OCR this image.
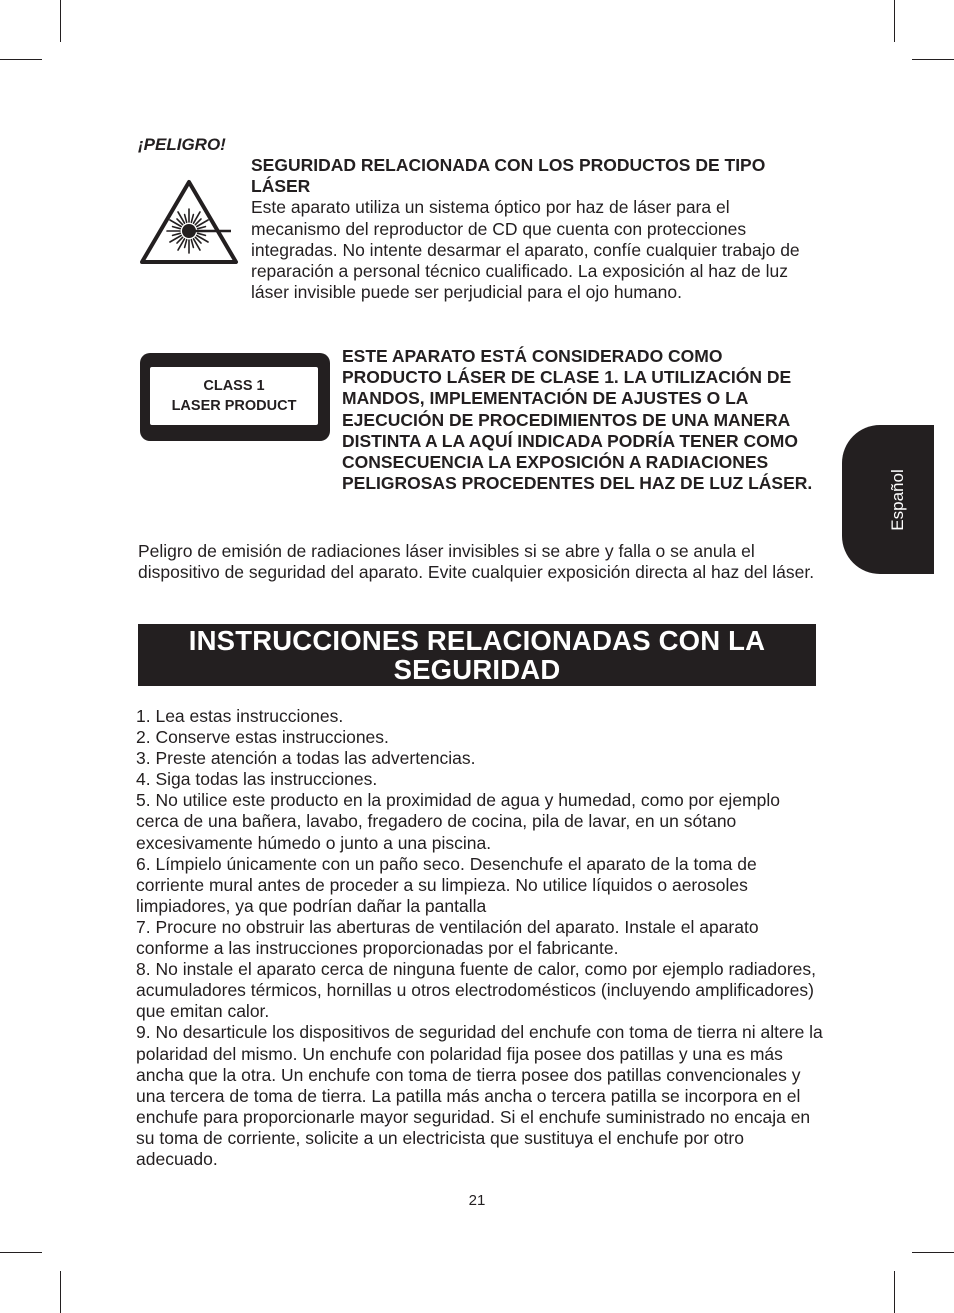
¡PELIGRO!

SEGURIDAD RELACIONADA CON LOS PRODUCTOS DE TIPO LÁSER

Este aparato utiliza un sistema óptico por haz de láser para el mecanismo del reproductor de CD que cuenta con protecciones integradas. No intente desarmar el aparato, confíe cualquier trabajo de reparación a personal técnico cualificado. La exposición al haz de luz láser invisible puede ser perjudicial para el ojo humano.

CLASS 1
LASER PRODUCT

ESTE APARATO ESTÁ CONSIDERADO COMO PRODUCTO LÁSER DE CLASE 1. LA UTILIZACIÓN DE MANDOS, IMPLEMENTACIÓN DE AJUSTES O LA EJECUCIÓN DE PROCEDIMIENTOS DE UNA MANERA DISTINTA A LA AQUÍ INDICADA PODRÍA TENER COMO CONSECUENCIA LA EXPOSICIÓN A RADIACIONES PELIGROSAS PROCEDENTES DEL HAZ DE LUZ LÁSER.

Peligro de emisión de radiaciones láser invisibles si se abre y falla o se anula el dispositivo de seguridad del aparato. Evite cualquier exposición directa al haz del láser.

INSTRUCCIONES RELACIONADAS CON LA SEGURIDAD
1. Lea estas instrucciones.
2. Conserve estas instrucciones.
3. Preste atención a todas las advertencias.
4. Siga todas las instrucciones.
5. No utilice este producto en la proximidad de agua y humedad, como por ejemplo cerca de una bañera, lavabo, fregadero de cocina, pila de lavar, en un sótano excesivamente húmedo o junto a una piscina.
6. Límpielo únicamente con un paño seco. Desenchufe el aparato de la toma de corriente mural antes de proceder a su limpieza. No utilice líquidos o aerosoles limpiadores, ya que podrían dañar la pantalla
7. Procure no obstruir las aberturas de ventilación del aparato. Instale el aparato conforme a las instrucciones proporcionadas por el fabricante.
8. No instale el aparato cerca de ninguna fuente de calor, como por ejemplo radiadores, acumuladores térmicos, hornillas u otros electrodomésticos (incluyendo amplificadores) que emitan calor.
9. No desarticule los dispositivos de seguridad del enchufe con toma de tierra ni altere la polaridad del mismo. Un enchufe con polaridad fija posee dos patillas y una es más ancha que la otra. Un enchufe con toma de tierra posee dos patillas convencionales y una tercera de toma de tierra. La patilla más ancha o tercera patilla se incorpora en el enchufe para proporcionarle mayor seguridad. Si el enchufe suministrado no encaja en su toma de corriente, solicite a un electricista que sustituya el enchufe por otro adecuado.
21
Español
